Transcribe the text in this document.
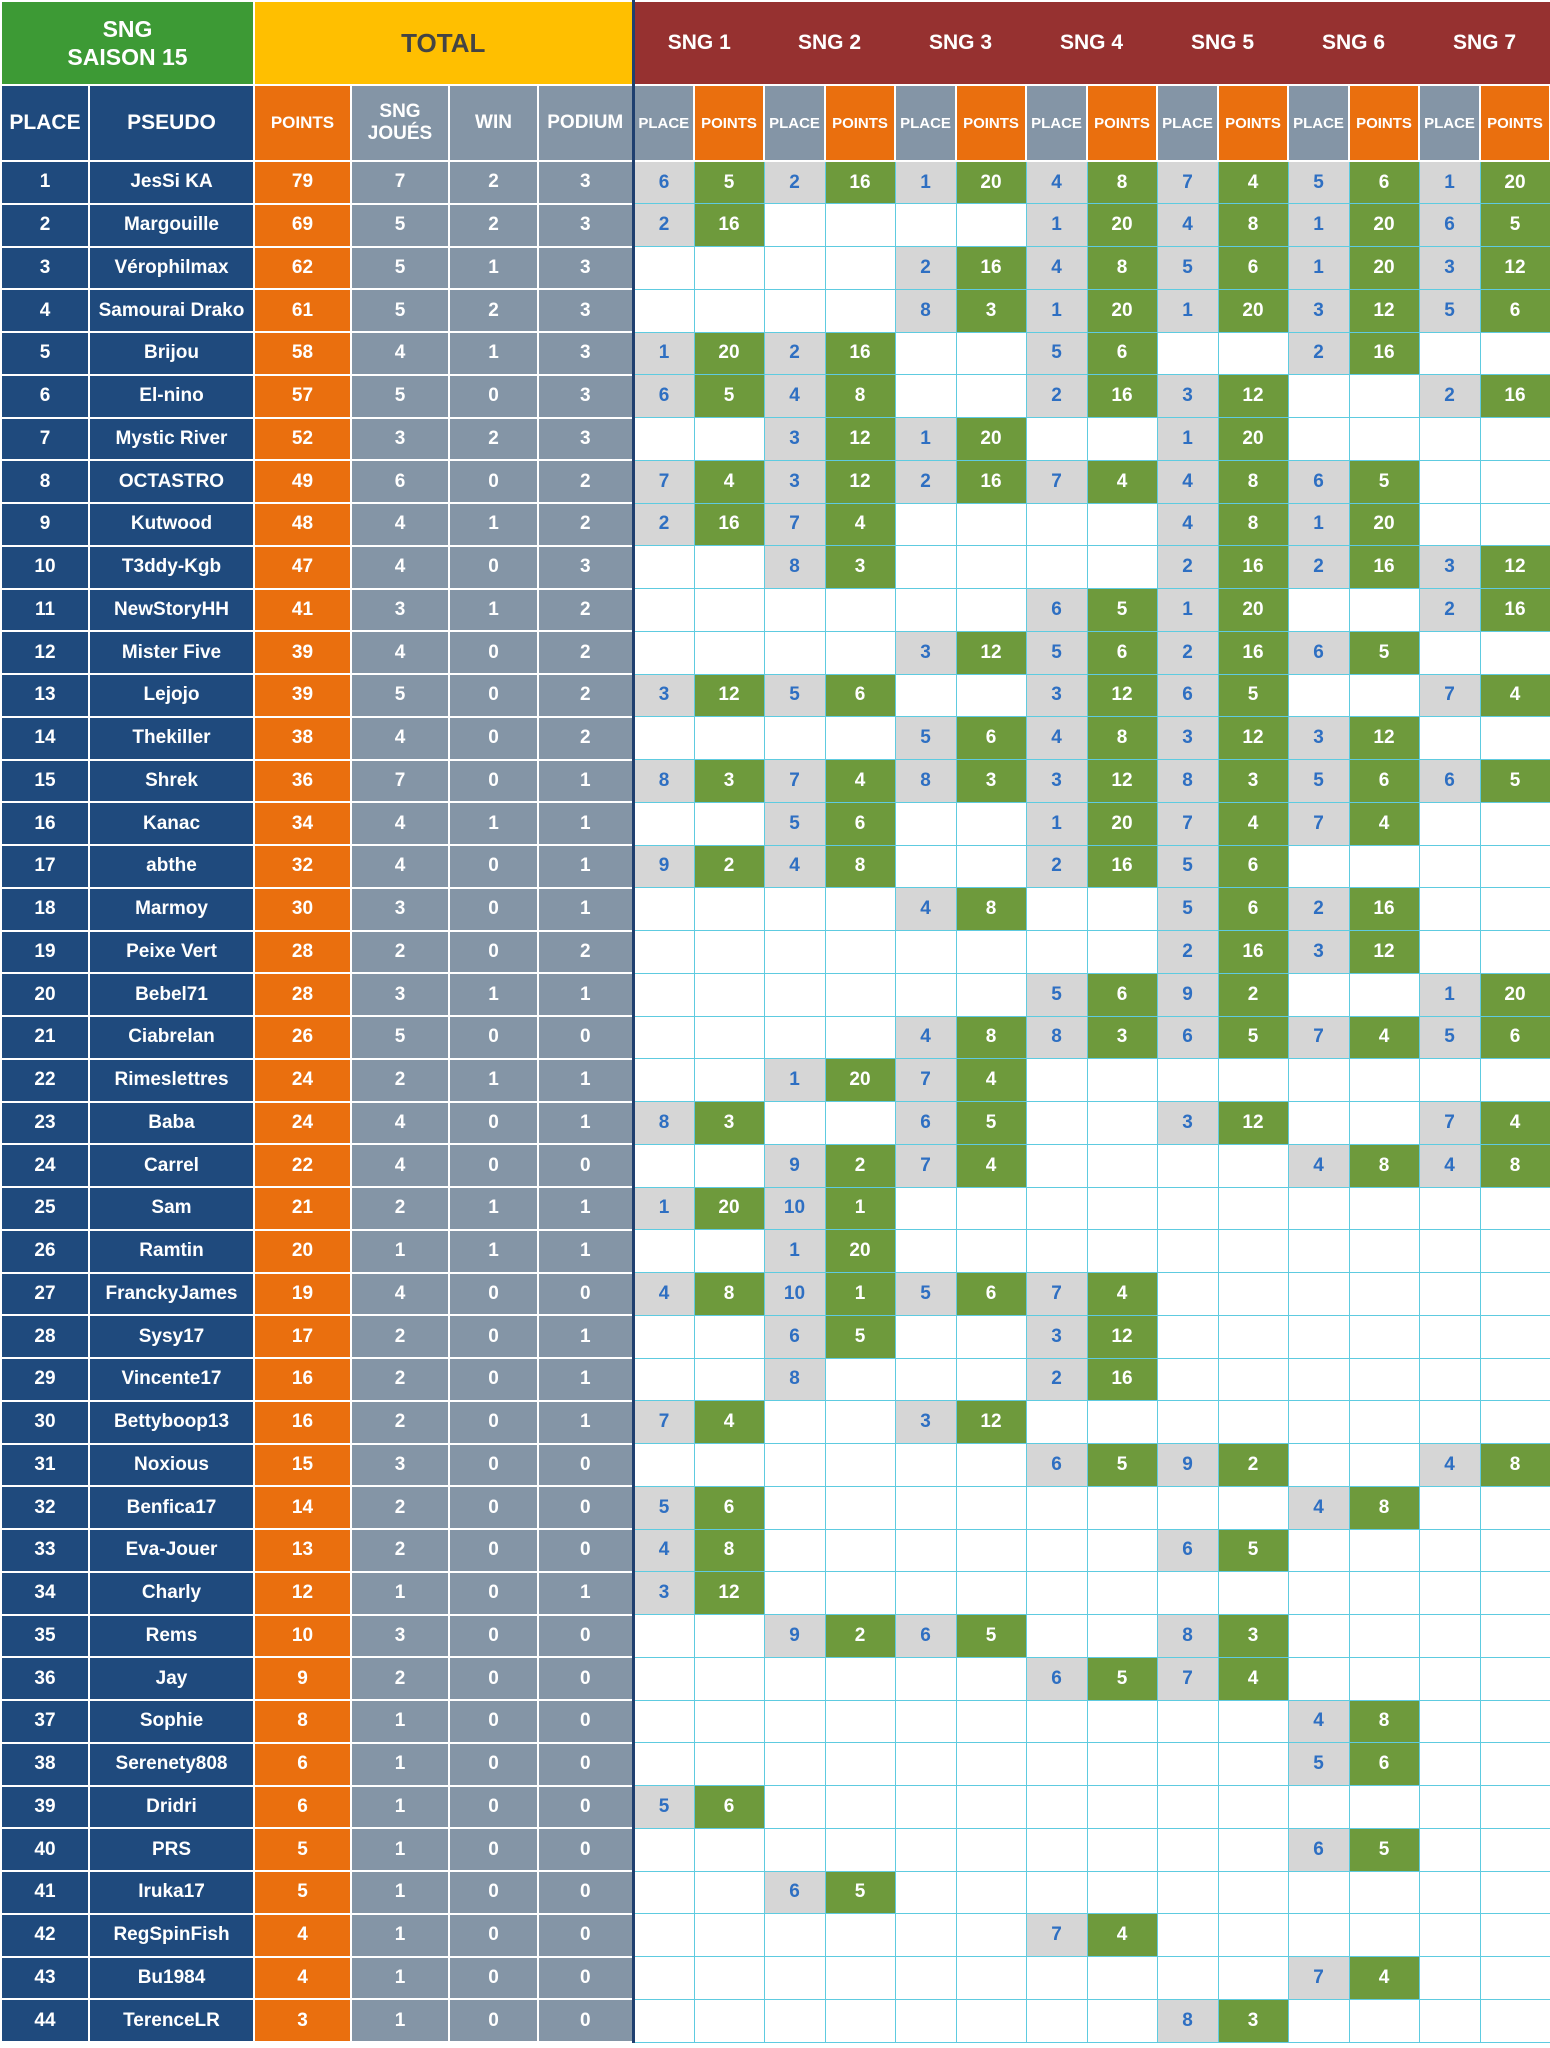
SNG
SAISON 15		TOTAL				SNG 1		SNG 2		SNG 3		SNG 4		SNG 5		SNG 6		SNG 7	
PLACE	PSEUDO	POINTS	SNG JOUÉS	WIN	PODIUM	PLACE	POINTS	PLACE	POINTS	PLACE	POINTS	PLACE	POINTS	PLACE	POINTS	PLACE	POINTS	PLACE	POINTS
1	JesSi KA	79	7	2	3	6	5	2	16	1	20	4	8	7	4	5	6	1	20
2	Margouille	69	5	2	3	2	16					1	20	4	8	1	20	6	5
3	Vérophilmax	62	5	1	3					2	16	4	8	5	6	1	20	3	12
4	Samourai Drako	61	5	2	3					8	3	1	20	1	20	3	12	5	6
5	Brijou	58	4	1	3	1	20	2	16			5	6			2	16		
6	El-nino	57	5	0	3	6	5	4	8			2	16	3	12			2	16
7	Mystic River	52	3	2	3			3	12	1	20			1	20				
8	OCTASTRO	49	6	0	2	7	4	3	12	2	16	7	4	4	8	6	5		
9	Kutwood	48	4	1	2	2	16	7	4					4	8	1	20		
10	T3ddy-Kgb	47	4	0	3			8	3					2	16	2	16	3	12
11	NewStoryHH	41	3	1	2							6	5	1	20			2	16
12	Mister Five	39	4	0	2					3	12	5	6	2	16	6	5		
13	Lejojo	39	5	0	2	3	12	5	6			3	12	6	5			7	4
14	Thekiller	38	4	0	2					5	6	4	8	3	12	3	12		
15	Shrek	36	7	0	1	8	3	7	4	8	3	3	12	8	3	5	6	6	5
16	Kanac	34	4	1	1			5	6			1	20	7	4	7	4		
17	abthe	32	4	0	1	9	2	4	8			2	16	5	6				
18	Marmoy	30	3	0	1					4	8			5	6	2	16		
19	Peixe Vert	28	2	0	2									2	16	3	12		
20	Bebel71	28	3	1	1							5	6	9	2			1	20
21	Ciabrelan	26	5	0	0					4	8	8	3	6	5	7	4	5	6
22	Rimeslettres	24	2	1	1			1	20	7	4								
23	Baba	24	4	0	1	8	3			6	5			3	12			7	4
24	Carrel	22	4	0	0			9	2	7	4					4	8	4	8
25	Sam	21	2	1	1	1	20	10	1										
26	Ramtin	20	1	1	1			1	20										
27	FranckyJames	19	4	0	0	4	8	10	1	5	6	7	4						
28	Sysy17	17	2	0	1			6	5			3	12						
29	Vincente17	16	2	0	1			8				2	16						
30	Bettyboop13	16	2	0	1	7	4			3	12								
31	Noxious	15	3	0	0							6	5	9	2			4	8
32	Benfica17	14	2	0	0	5	6									4	8		
33	Eva-Jouer	13	2	0	0	4	8							6	5				
34	Charly	12	1	0	1	3	12												
35	Rems	10	3	0	0			9	2	6	5			8	3				
36	Jay	9	2	0	0							6	5	7	4				
37	Sophie	8	1	0	0											4	8		
38	Serenety808	6	1	0	0											5	6		
39	Dridri	6	1	0	0	5	6												
40	PRS	5	1	0	0											6	5		
41	Iruka17	5	1	0	0			6	5										
42	RegSpinFish	4	1	0	0							7	4						
43	Bu1984	4	1	0	0											7	4		
44	TerenceLR	3	1	0	0									8	3				
